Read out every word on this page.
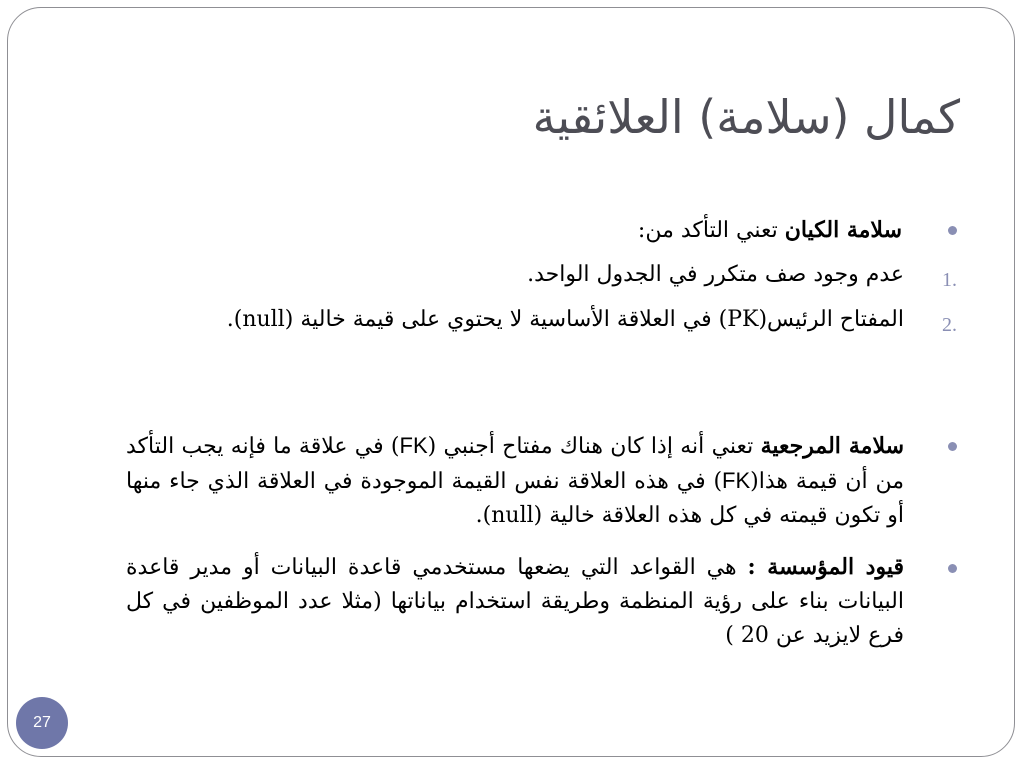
كمال (سلامة) العلائقية
سلامة الكيان تعني التأكد من:
1.
عدم وجود صف متكرر في الجدول الواحد.
2.
المفتاح الرئيس(PK) في العلاقة الأساسية لا يحتوي على قيمة خالية (null).
سلامة المرجعية تعني أنه إذا كان هناك مفتاح أجنبي (FK) في علاقة ما فإنه يجب التأكد من أن قيمة هذا(FK) في هذه العلاقة نفس القيمة الموجودة في العلاقة الذي جاء منها أو تكون قيمته في كل هذه العلاقة خالية (null).
قيود المؤسسة : هي القواعد التي يضعها مستخدمي قاعدة البيانات أو مدير قاعدة البيانات بناء على رؤية المنظمة وطريقة استخدام بياناتها (مثلا عدد الموظفين في كل فرع لايزيد عن 20 )
27
